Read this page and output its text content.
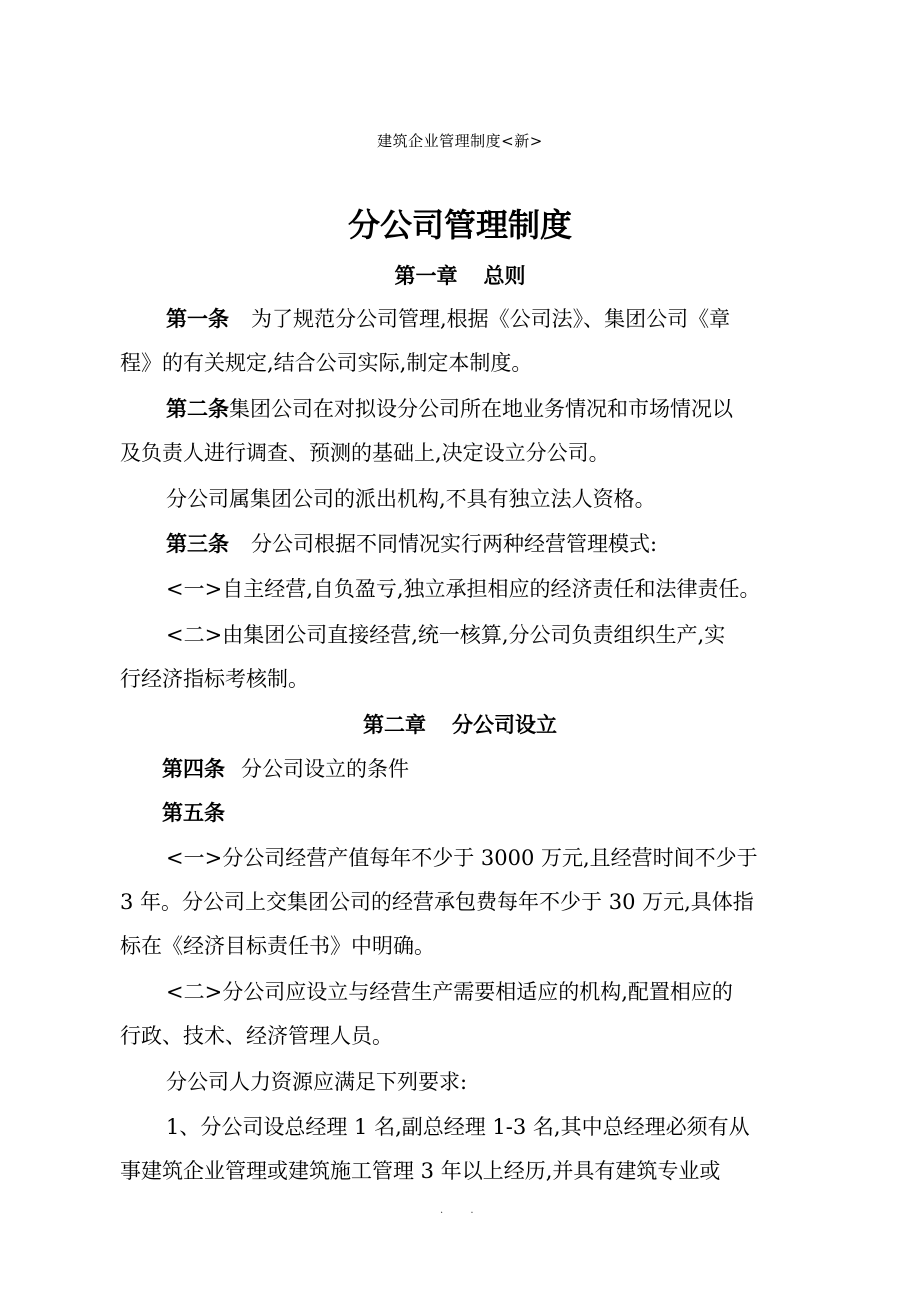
建筑企业管理制度<新>
分公司管理制度
第一章 总则
第一条 为了规范分公司管理,根据《公司法》、集团公司《章
程》的有关规定,结合公司实际,制定本制度。
第二条集团公司在对拟设分公司所在地业务情况和市场情况以
及负责人进行调查、预测的基础上,决定设立分公司。
分公司属集团公司的派出机构,不具有独立法人资格。
第三条 分公司根据不同情况实行两种经营管理模式:
<一>自主经营,自负盈亏,独立承担相应的经济责任和法律责任。
<二>由集团公司直接经营,统一核算,分公司负责组织生产,实
行经济指标考核制。
第二章 分公司设立
第四条 分公司设立的条件
第五条
<一>分公司经营产值每年不少于 3000 万元,且经营时间不少于
3 年。分公司上交集团公司的经营承包费每年不少于 30 万元,具体指
标在《经济目标责任书》中明确。
<二>分公司应设立与经营生产需要相适应的机构,配置相应的
行政、技术、经济管理人员。
分公司人力资源应满足下列要求:
1、分公司设总经理 1 名,副总经理 1-3 名,其中总经理必须有从
事建筑企业管理或建筑施工管理 3 年以上经历,并具有建筑专业或
. .
